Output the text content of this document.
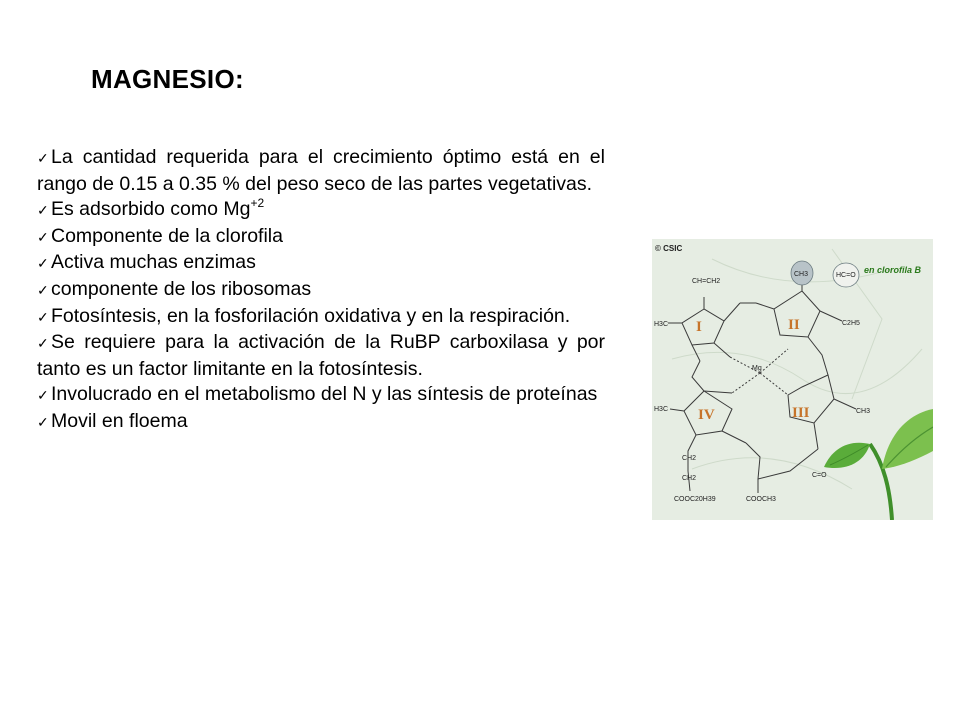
MAGNESIO:
✓ La cantidad requerida para el crecimiento óptimo está en el rango de 0.15 a 0.35 % del peso seco de las partes vegetativas.
✓ Es adsorbido como $Mg^{+2}$
✓ Componente de la clorofila
✓ Activa muchas enzimas
✓ componente de los ribosomas
✓ Fotosíntesis, en la fosforilación oxidativa y en la respiración.
✓ Se requiere para la activación de la RuBP carboxilasa y por tanto es un factor limitante en la fotosíntesis.
✓ Involucrado en el metabolismo del N y las síntesis de proteínas
✓ Movil en floema
© CSIC
en clorofila B
CH=CH2
CH3	HC=O
H3C	C2H5
Mg
CH3
H3C
CH2
CH2	C=O
COOCH3
COOC20H39
I	II
III
IV
